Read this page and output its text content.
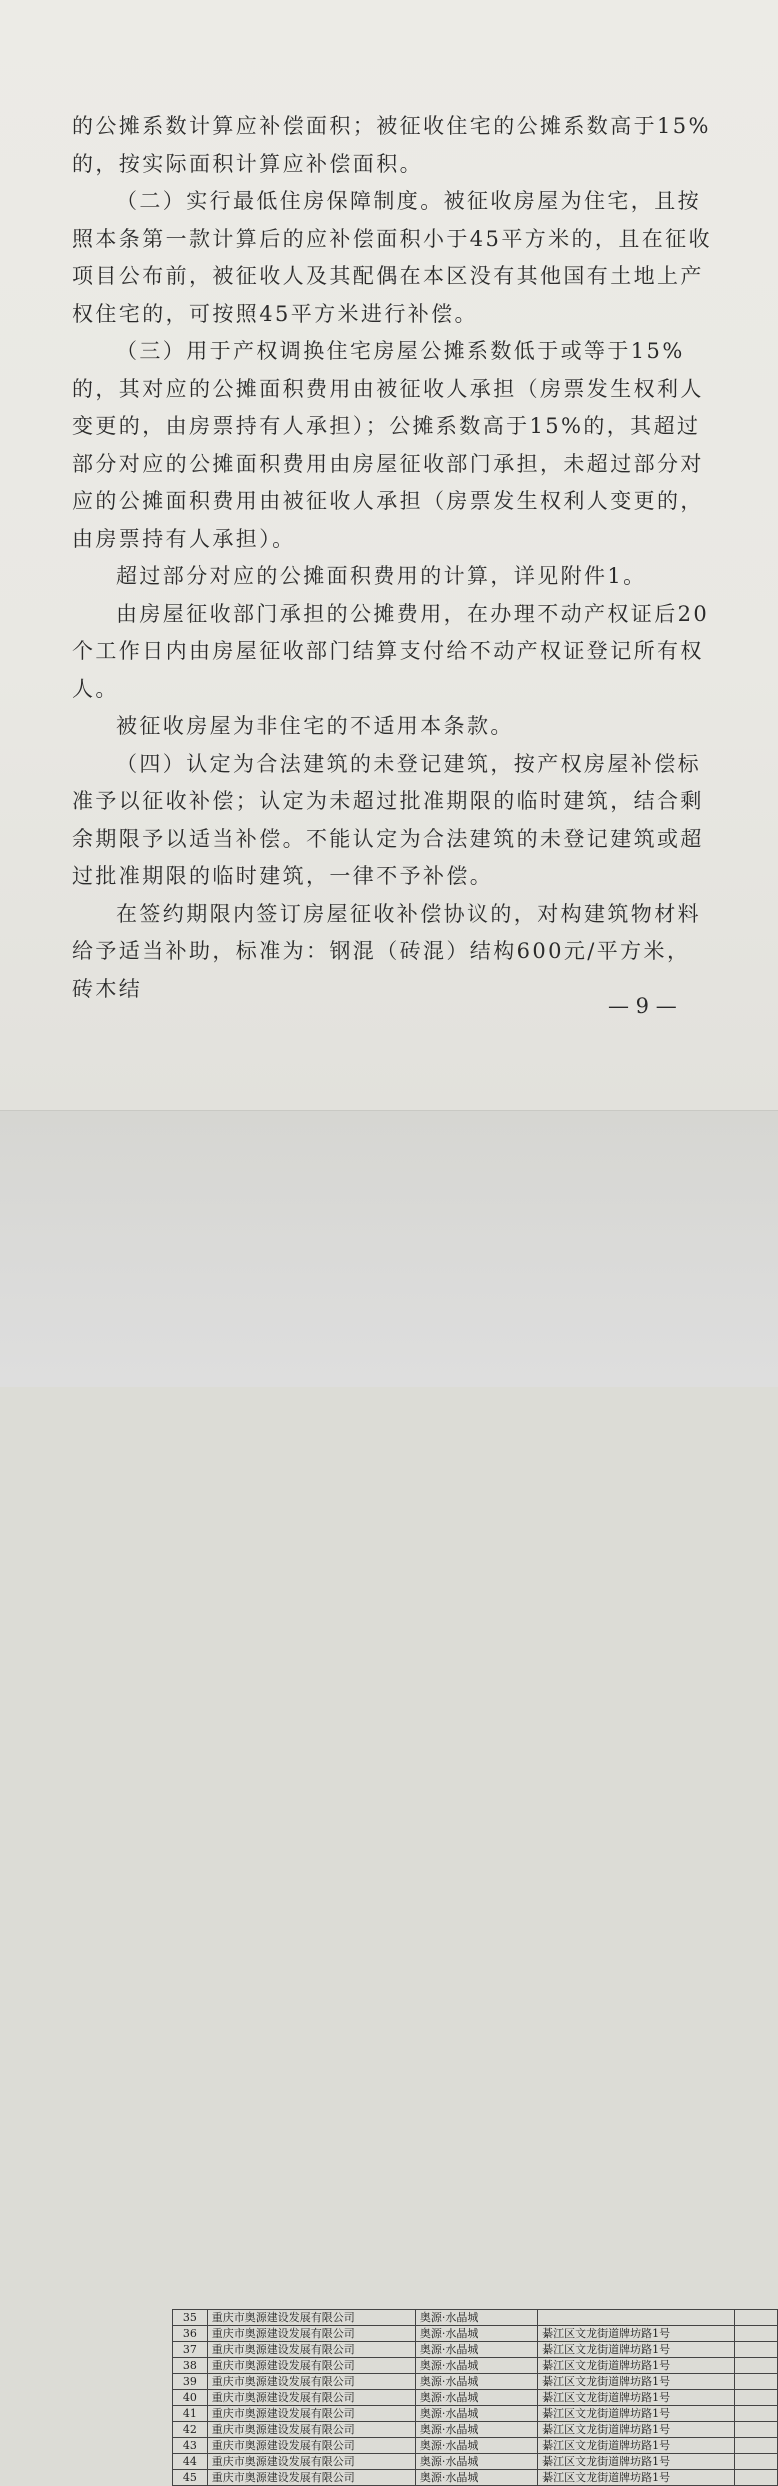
的公摊系数计算应补偿面积；被征收住宅的公摊系数高于15%的，按实际面积计算应补偿面积。

（二）实行最低住房保障制度。被征收房屋为住宅，且按照本条第一款计算后的应补偿面积小于45平方米的，且在征收项目公布前，被征收人及其配偶在本区没有其他国有土地上产权住宅的，可按照45平方米进行补偿。

（三）用于产权调换住宅房屋公摊系数低于或等于15%的，其对应的公摊面积费用由被征收人承担（房票发生权利人变更的，由房票持有人承担）；公摊系数高于15%的，其超过部分对应的公摊面积费用由房屋征收部门承担，未超过部分对应的公摊面积费用由被征收人承担（房票发生权利人变更的，由房票持有人承担）。

超过部分对应的公摊面积费用的计算，详见附件1。

由房屋征收部门承担的公摊费用，在办理不动产权证后20个工作日内由房屋征收部门结算支付给不动产权证登记所有权人。

被征收房屋为非住宅的不适用本条款。

（四）认定为合法建筑的未登记建筑，按产权房屋补偿标准予以征收补偿；认定为未超过批准期限的临时建筑，结合剩余期限予以适当补偿。不能认定为合法建筑的未登记建筑或超过批准期限的临时建筑，一律不予补偿。

在签约期限内签订房屋征收补偿协议的，对构建筑物材料给予适当补助，标准为：钢混（砖混）结构600元/平方米，砖木结

— 9 —
35	重庆市奥源建设发展有限公司	奥源·水晶城		
36	重庆市奥源建设发展有限公司	奥源·水晶城	綦江区文龙街道牌坊路1号	
37	重庆市奥源建设发展有限公司	奥源·水晶城	綦江区文龙街道牌坊路1号	
38	重庆市奥源建设发展有限公司	奥源·水晶城	綦江区文龙街道牌坊路1号	
39	重庆市奥源建设发展有限公司	奥源·水晶城	綦江区文龙街道牌坊路1号	
40	重庆市奥源建设发展有限公司	奥源·水晶城	綦江区文龙街道牌坊路1号	
41	重庆市奥源建设发展有限公司	奥源·水晶城	綦江区文龙街道牌坊路1号	
42	重庆市奥源建设发展有限公司	奥源·水晶城	綦江区文龙街道牌坊路1号	
43	重庆市奥源建设发展有限公司	奥源·水晶城	綦江区文龙街道牌坊路1号	
44	重庆市奥源建设发展有限公司	奥源·水晶城	綦江区文龙街道牌坊路1号	
45	重庆市奥源建设发展有限公司	奥源·水晶城	綦江区文龙街道牌坊路1号	
